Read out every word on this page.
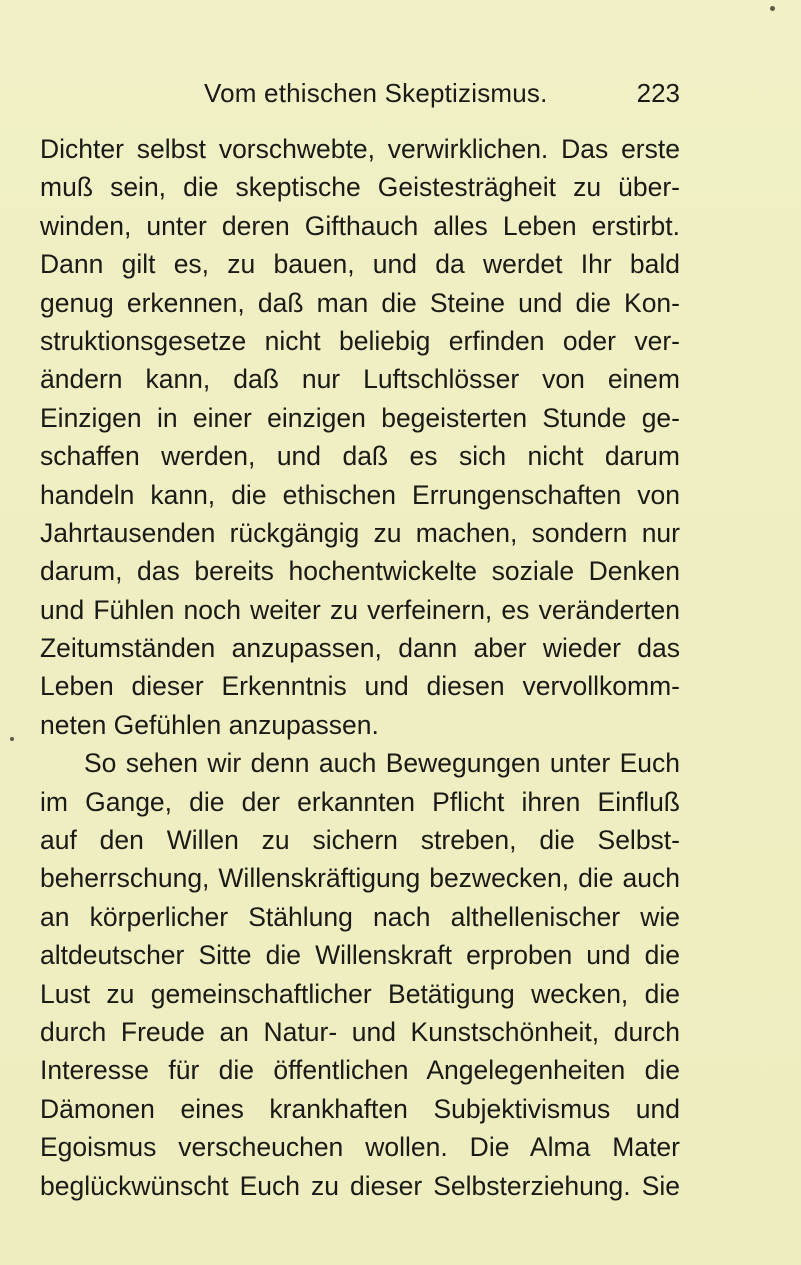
Vom ethischen Skeptizismus.	223
Dichter selbst vorschwebte, verwirklichen. Das erste
muß sein, die skeptische Geistesträgheit zu über-
winden, unter deren Gifthauch alles Leben erstirbt.
Dann gilt es, zu bauen, und da werdet Ihr bald
genug erkennen, daß man die Steine und die Kon-
struktionsgesetze nicht beliebig erfinden oder ver-
ändern kann, daß nur Luftschlösser von einem
Einzigen in einer einzigen begeisterten Stunde ge-
schaffen werden, und daß es sich nicht darum
handeln kann, die ethischen Errungenschaften von
Jahrtausenden rückgängig zu machen, sondern nur
darum, das bereits hochentwickelte soziale Denken
und Fühlen noch weiter zu verfeinern, es veränderten
Zeitumständen anzupassen, dann aber wieder das
Leben dieser Erkenntnis und diesen vervollkomm-
neten Gefühlen anzupassen.
So sehen wir denn auch Bewegungen unter Euch
im Gange, die der erkannten Pflicht ihren Einfluß
auf den Willen zu sichern streben, die Selbst-
beherrschung, Willenskräftigung bezwecken, die auch
an körperlicher Stählung nach althellenischer wie
altdeutscher Sitte die Willenskraft erproben und die
Lust zu gemeinschaftlicher Betätigung wecken, die
durch Freude an Natur- und Kunstschönheit, durch
Interesse für die öffentlichen Angelegenheiten die
Dämonen eines krankhaften Subjektivismus und
Egoismus verscheuchen wollen. Die Alma Mater
beglückwünscht Euch zu dieser Selbsterziehung. Sie
